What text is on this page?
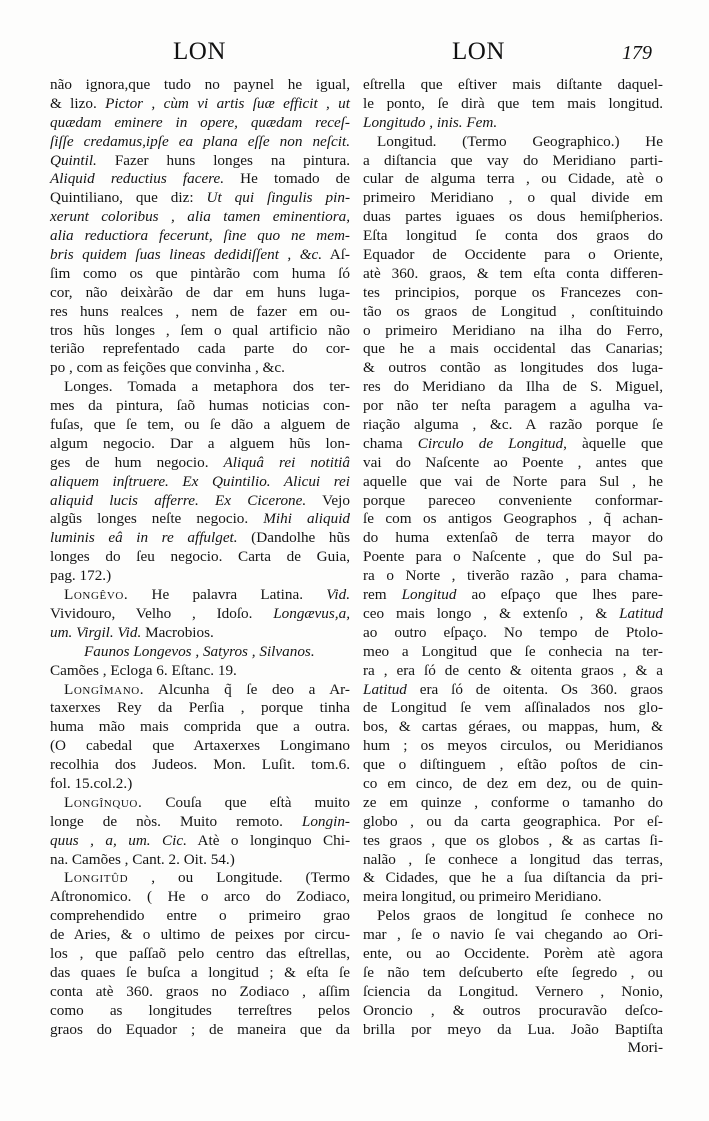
LON	LON	179
não ignora,que tudo no paynel he igual,
& lizo. Pictor , cùm vi artis ſuæ efficit , ut
quædam eminere in opere, quædam receſ-
ſiſſe credamus,ipſe ea plana eſſe non neſcit.
Quintil. Fazer huns longes na pintura.
Aliquid reductius facere. He tomado de
Quintiliano, que diz: Ut qui ſingulis pin-
xerunt coloribus , alia tamen eminentiora,
alia reductiora fecerunt, ſine quo ne mem-
bris quidem ſuas lineas dedidiſſent , &c. Aſ-
ſim como os que pintàrão com huma ſó
cor, não deixàrão de dar em huns luga-
res huns realces , nem de fazer em ou-
tros hũs longes , ſem o qual artificio não
terião reprefentado cada parte do cor-
po , com as feições que convinha , &c.
Longes. Tomada a metaphora dos ter-
mes da pintura, ſaõ humas noticias con-
fuſas, que ſe tem, ou ſe dão a alguem de
algum negocio. Dar a alguem hũs lon-
ges de hum negocio. Aliquâ rei notitiâ
aliquem inſtruere. Ex Quintilio. Alicui rei
aliquid lucis afferre. Ex Cicerone. Vejo
algũs longes neſte negocio. Mihi aliquid
luminis eâ in re affulget. (Dandolhe hũs
longes do ſeu negocio. Carta de Guia,
pag. 172.)
Longêvo. He palavra Latina. Vid.
Vividouro, Velho , Idoſo. Longævus,a,
um. Virgil. Vid. Macrobios.
Faunos Longevos , Satyros , Silvanos.
Camões , Ecloga 6. Eſtanc. 19.
Longîmano. Alcunha q̃ ſe deo a Ar-
taxerxes Rey da Perſia , porque tinha
huma mão mais comprida que a outra.
(O cabedal que Artaxerxes Longimano
recolhia dos Judeos. Mon. Luſit. tom.6.
fol. 15.col.2.)
Longînquo. Couſa que eſtà muito
longe de nòs. Muito remoto. Longin-
quus , a, um. Cic. Atè o longinquo Chi-
na. Camões , Cant. 2. Oit. 54.)
Longitûd , ou Longitude. (Termo
Aſtronomico. ( He o arco do Zodiaco,
comprehendido entre o primeiro grao
de Aries, & o ultimo de peixes por circu-
los , que paſſaõ pelo centro das eſtrellas,
das quaes ſe buſca a longitud ; & eſta ſe
conta atè 360. graos no Zodiaco , aſſim
como as longitudes terreſtres pelos
graos do Equador ; de maneira que da
eſtrella que eſtiver mais diſtante daquel-
le ponto, ſe dirà que tem mais longitud.
Longitudo , inis. Fem.
Longitud. (Termo Geographico.) He
a diſtancia que vay do Meridiano parti-
cular de alguma terra , ou Cidade, atè o
primeiro Meridiano , o qual divide em
duas partes iguaes os dous hemiſpherios.
Eſta longitud ſe conta dos graos do
Equador de Occidente para o Oriente,
atè 360. graos, & tem eſta conta differen-
tes principios, porque os Francezes con-
tão os graos de Longitud , conſtituindo
o primeiro Meridiano na ilha do Ferro,
que he a mais occidental das Canarias;
& outros contão as longitudes dos luga-
res do Meridiano da Ilha de S. Miguel,
por não ter neſta paragem a agulha va-
riação alguma , &c. A razão porque ſe
chama Circulo de Longitud, àquelle que
vai do Naſcente ao Poente , antes que
aquelle que vai de Norte para Sul , he
porque pareceo conveniente conformar-
ſe com os antigos Geographos , q̃ achan-
do huma extenſaõ de terra mayor do
Poente para o Naſcente , que do Sul pa-
ra o Norte , tiverão razão , para chama-
rem Longitud ao eſpaço que lhes pare-
ceo mais longo , & extenſo , & Latitud
ao outro eſpaço. No tempo de Ptolo-
meo a Longitud que ſe conhecia na ter-
ra , era ſó de cento & oitenta graos , & a
Latitud era ſó de oitenta. Os 360. graos
de Longitud ſe vem aſſinalados nos glo-
bos, & cartas géraes, ou mappas, hum, &
hum ; os meyos circulos, ou Meridianos
que o diſtinguem , eſtão poſtos de cin-
co em cinco, de dez em dez, ou de quin-
ze em quinze , conforme o tamanho do
globo , ou da carta geographica. Por eſ-
tes graos , que os globos , & as cartas ſi-
nalão , ſe conhece a longitud das terras,
& Cidades, que he a ſua diſtancia da pri-
meira longitud, ou primeiro Meridiano.
Pelos graos de longitud ſe conhece no
mar , ſe o navio ſe vai chegando ao Ori-
ente, ou ao Occidente. Porèm atè agora
ſe não tem deſcuberto eſte ſegredo , ou
ſciencia da Longitud. Vernero , Nonio,
Oroncio , & outros procuravão deſco-
brilla por meyo da Lua. João Baptiſta
Mori-
